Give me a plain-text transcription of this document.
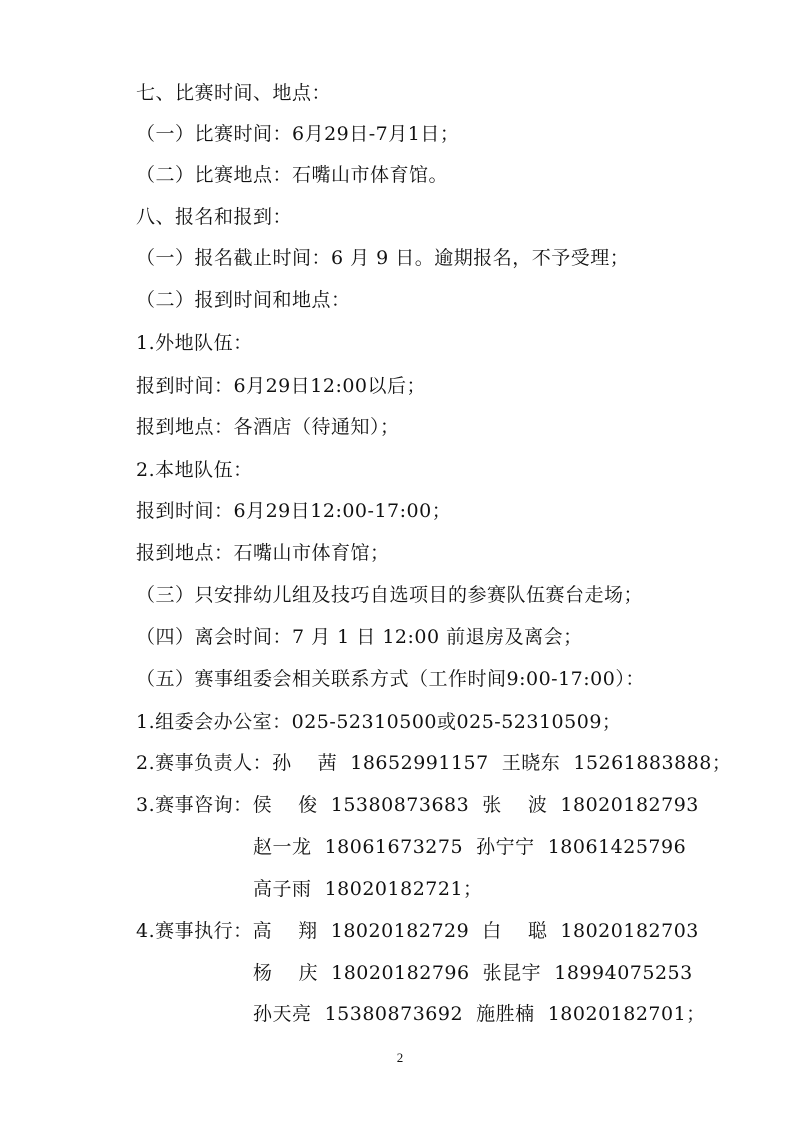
七、比赛时间、地点：
（一）比赛时间：6月29日-7月1日；
（二）比赛地点：石嘴山市体育馆。
八、报名和报到：
（一）报名截止时间：6 月 9 日。逾期报名，不予受理；
（二）报到时间和地点：
1.外地队伍：
报到时间：6月29日12:00以后；
报到地点：各酒店（待通知）；
2.本地队伍：
报到时间：6月29日12:00-17:00；
报到地点：石嘴山市体育馆；
（三）只安排幼儿组及技巧自选项目的参赛队伍赛台走场；
（四）离会时间：7 月 1 日 12:00 前退房及离会；
（五）赛事组委会相关联系方式（工作时间9:00-17:00）：
1.组委会办公室：025-52310500或025-52310509；
2.赛事负责人：孙　 茜  18652991157  王晓东  15261883888；
3.赛事咨询：侯　 俊  15380873683  张　 波  18020182793
　　　　　　赵一龙  18061673275  孙宁宁  18061425796
　　　　　　高子雨  18020182721；
4.赛事执行：高　 翔  18020182729  白　 聪  18020182703
　　　　　　杨　 庆  18020182796  张昆宇  18994075253
　　　　　　孙天亮  15380873692  施胜楠  18020182701；
2
